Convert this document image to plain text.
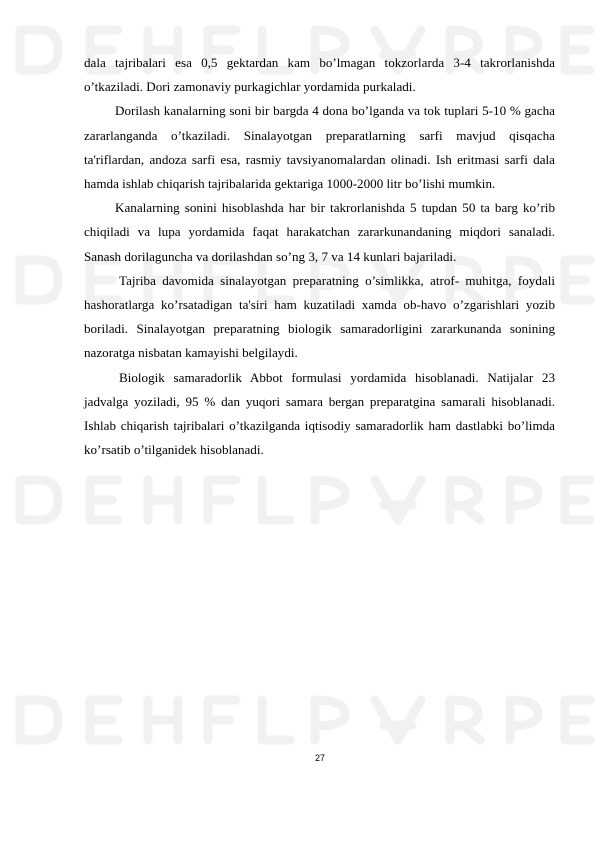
dala tajribalari esa 0,5 gektardan kam bo’lmagan tokzorlarda 3-4 takrorlanishda o’tkaziladi. Dori zamonaviy purkagichlar yordamida purkaladi.

Dorilash kanalarning soni bir bargda 4 dona bo’lganda va tok tuplari 5-10 % gacha zararlanganda o’tkaziladi. Sinalayotgan preparatlarning sarfi mavjud qisqacha ta'riflardan, andoza sarfi esa, rasmiy tavsiyanomalardan olinadi. Ish eritmasi sarfi dala hamda ishlab chiqarish tajribalarida gektariga 1000-2000 litr bo’lishi mumkin.

Kanalarning sonini hisoblashda har bir takrorlanishda 5 tupdan 50 ta barg ko’rib chiqiladi va lupa yordamida faqat harakatchan zararkunandaning miqdori sanaladi. Sanash dorilaguncha va dorilashdan so’ng 3, 7 va 14 kunlari bajariladi.

Tajriba davomida sinalayotgan preparatning o’simlikka, atrof- muhitga, foydali hashoratlarga ko’rsatadigan ta'siri ham kuzatiladi xamda ob-havo o’zgarishlari yozib boriladi. Sinalayotgan preparatning biologik samaradorligini zararkunanda sonining nazoratga nisbatan kamayishi belgilaydi.

Biologik samaradorlik Abbot formulasi yordamida hisoblanadi. Natijalar 23 jadvalga yoziladi, 95 % dan yuqori samara bergan preparatgina samarali hisoblanadi. Ishlab chiqarish tajribalari o’tkazilganda iqtisodiy samaradorlik ham dastlabki bo’limda ko’rsatib o’tilganidek hisoblanadi.

27
